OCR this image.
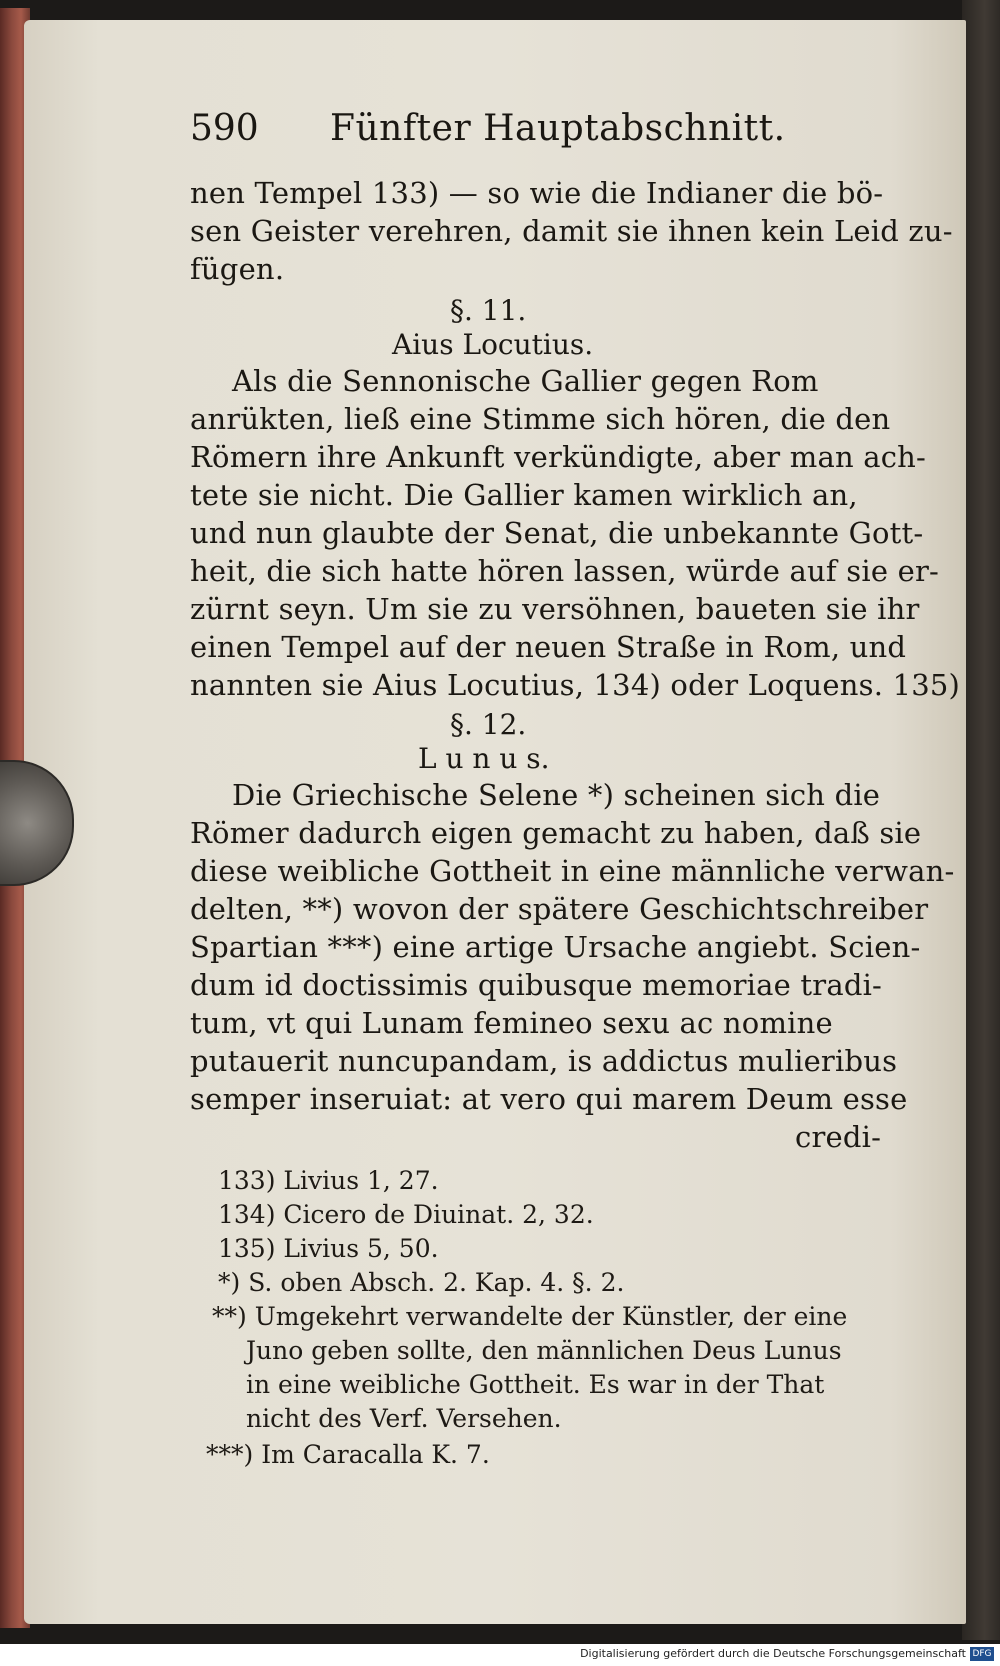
590 Fünfter Hauptabschnitt.
nen Tempel 133) — so wie die Indianer die bö-
sen Geister verehren, damit sie ihnen kein Leid zu-
fügen.
§. 11.
Aius Locutius.
Als die Sennonische Gallier gegen Rom
anrükten, ließ eine Stimme sich hören, die den
Römern ihre Ankunft verkündigte, aber man ach-
tete sie nicht. Die Gallier kamen wirklich an,
und nun glaubte der Senat, die unbekannte Gott-
heit, die sich hatte hören lassen, würde auf sie er-
zürnt seyn. Um sie zu versöhnen, baueten sie ihr
einen Tempel auf der neuen Straße in Rom, und
nannten sie Aius Locutius, 134) oder Loquens. 135)
§. 12.
L u n u s.
Die Griechische Selene *) scheinen sich die
Römer dadurch eigen gemacht zu haben, daß sie
diese weibliche Gottheit in eine männliche verwan-
delten, **) wovon der spätere Geschichtschreiber
Spartian ***) eine artige Ursache angiebt. Scien-
dum id doctissimis quibusque memoriae tradi-
tum, vt qui Lunam femineo sexu ac nomine
putauerit nuncupandam, is addictus mulieribus
semper inseruiat: at vero qui marem Deum esse
credi-
133) Livius 1, 27.
134) Cicero de Diuinat. 2, 32.
135) Livius 5, 50.
*) S. oben Absch. 2. Kap. 4. §. 2.
**) Umgekehrt verwandelte der Künstler, der eine
Juno geben sollte, den männlichen Deus Lunus
in eine weibliche Gottheit. Es war in der That
nicht des Verf. Versehen.
***) Im Caracalla K. 7.
Digitalisierung gefördert durch die Deutsche Forschungsgemeinschaft DFG
